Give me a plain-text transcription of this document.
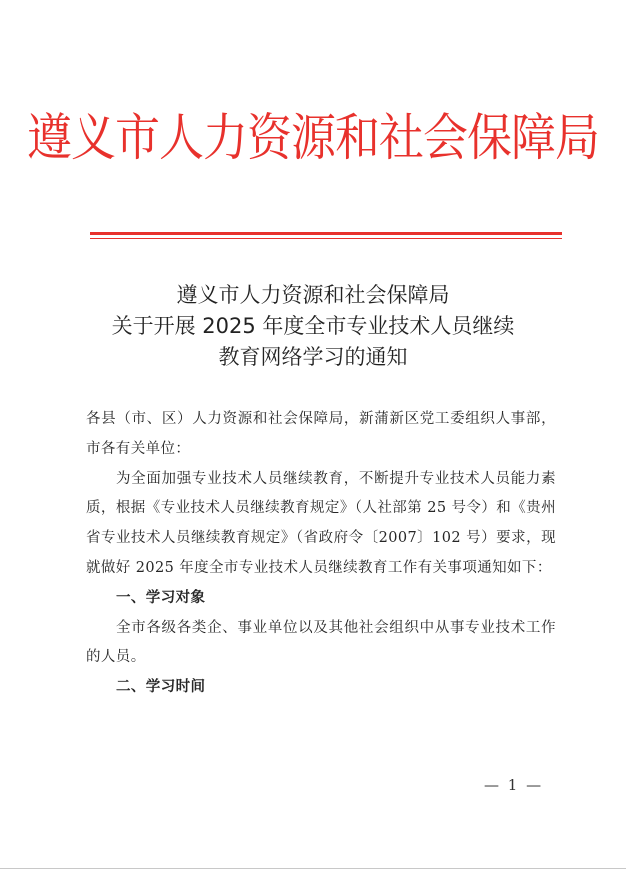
遵义市人力资源和社会保障局
遵义市人力资源和社会保障局
关于开展 2025 年度全市专业技术人员继续
教育网络学习的通知

各县（市、区）人力资源和社会保障局，新蒲新区党工委组织人事部，市各有关单位：

为全面加强专业技术人员继续教育，不断提升专业技术人员能力素质，根据《专业技术人员继续教育规定》（人社部第 25 号令）和《贵州省专业技术人员继续教育规定》（省政府令〔2007〕102 号）要求，现就做好 2025 年度全市专业技术人员继续教育工作有关事项通知如下：

一、学习对象

全市各级各类企、事业单位以及其他社会组织中从事专业技术工作的人员。

二、学习时间

— 1 —
